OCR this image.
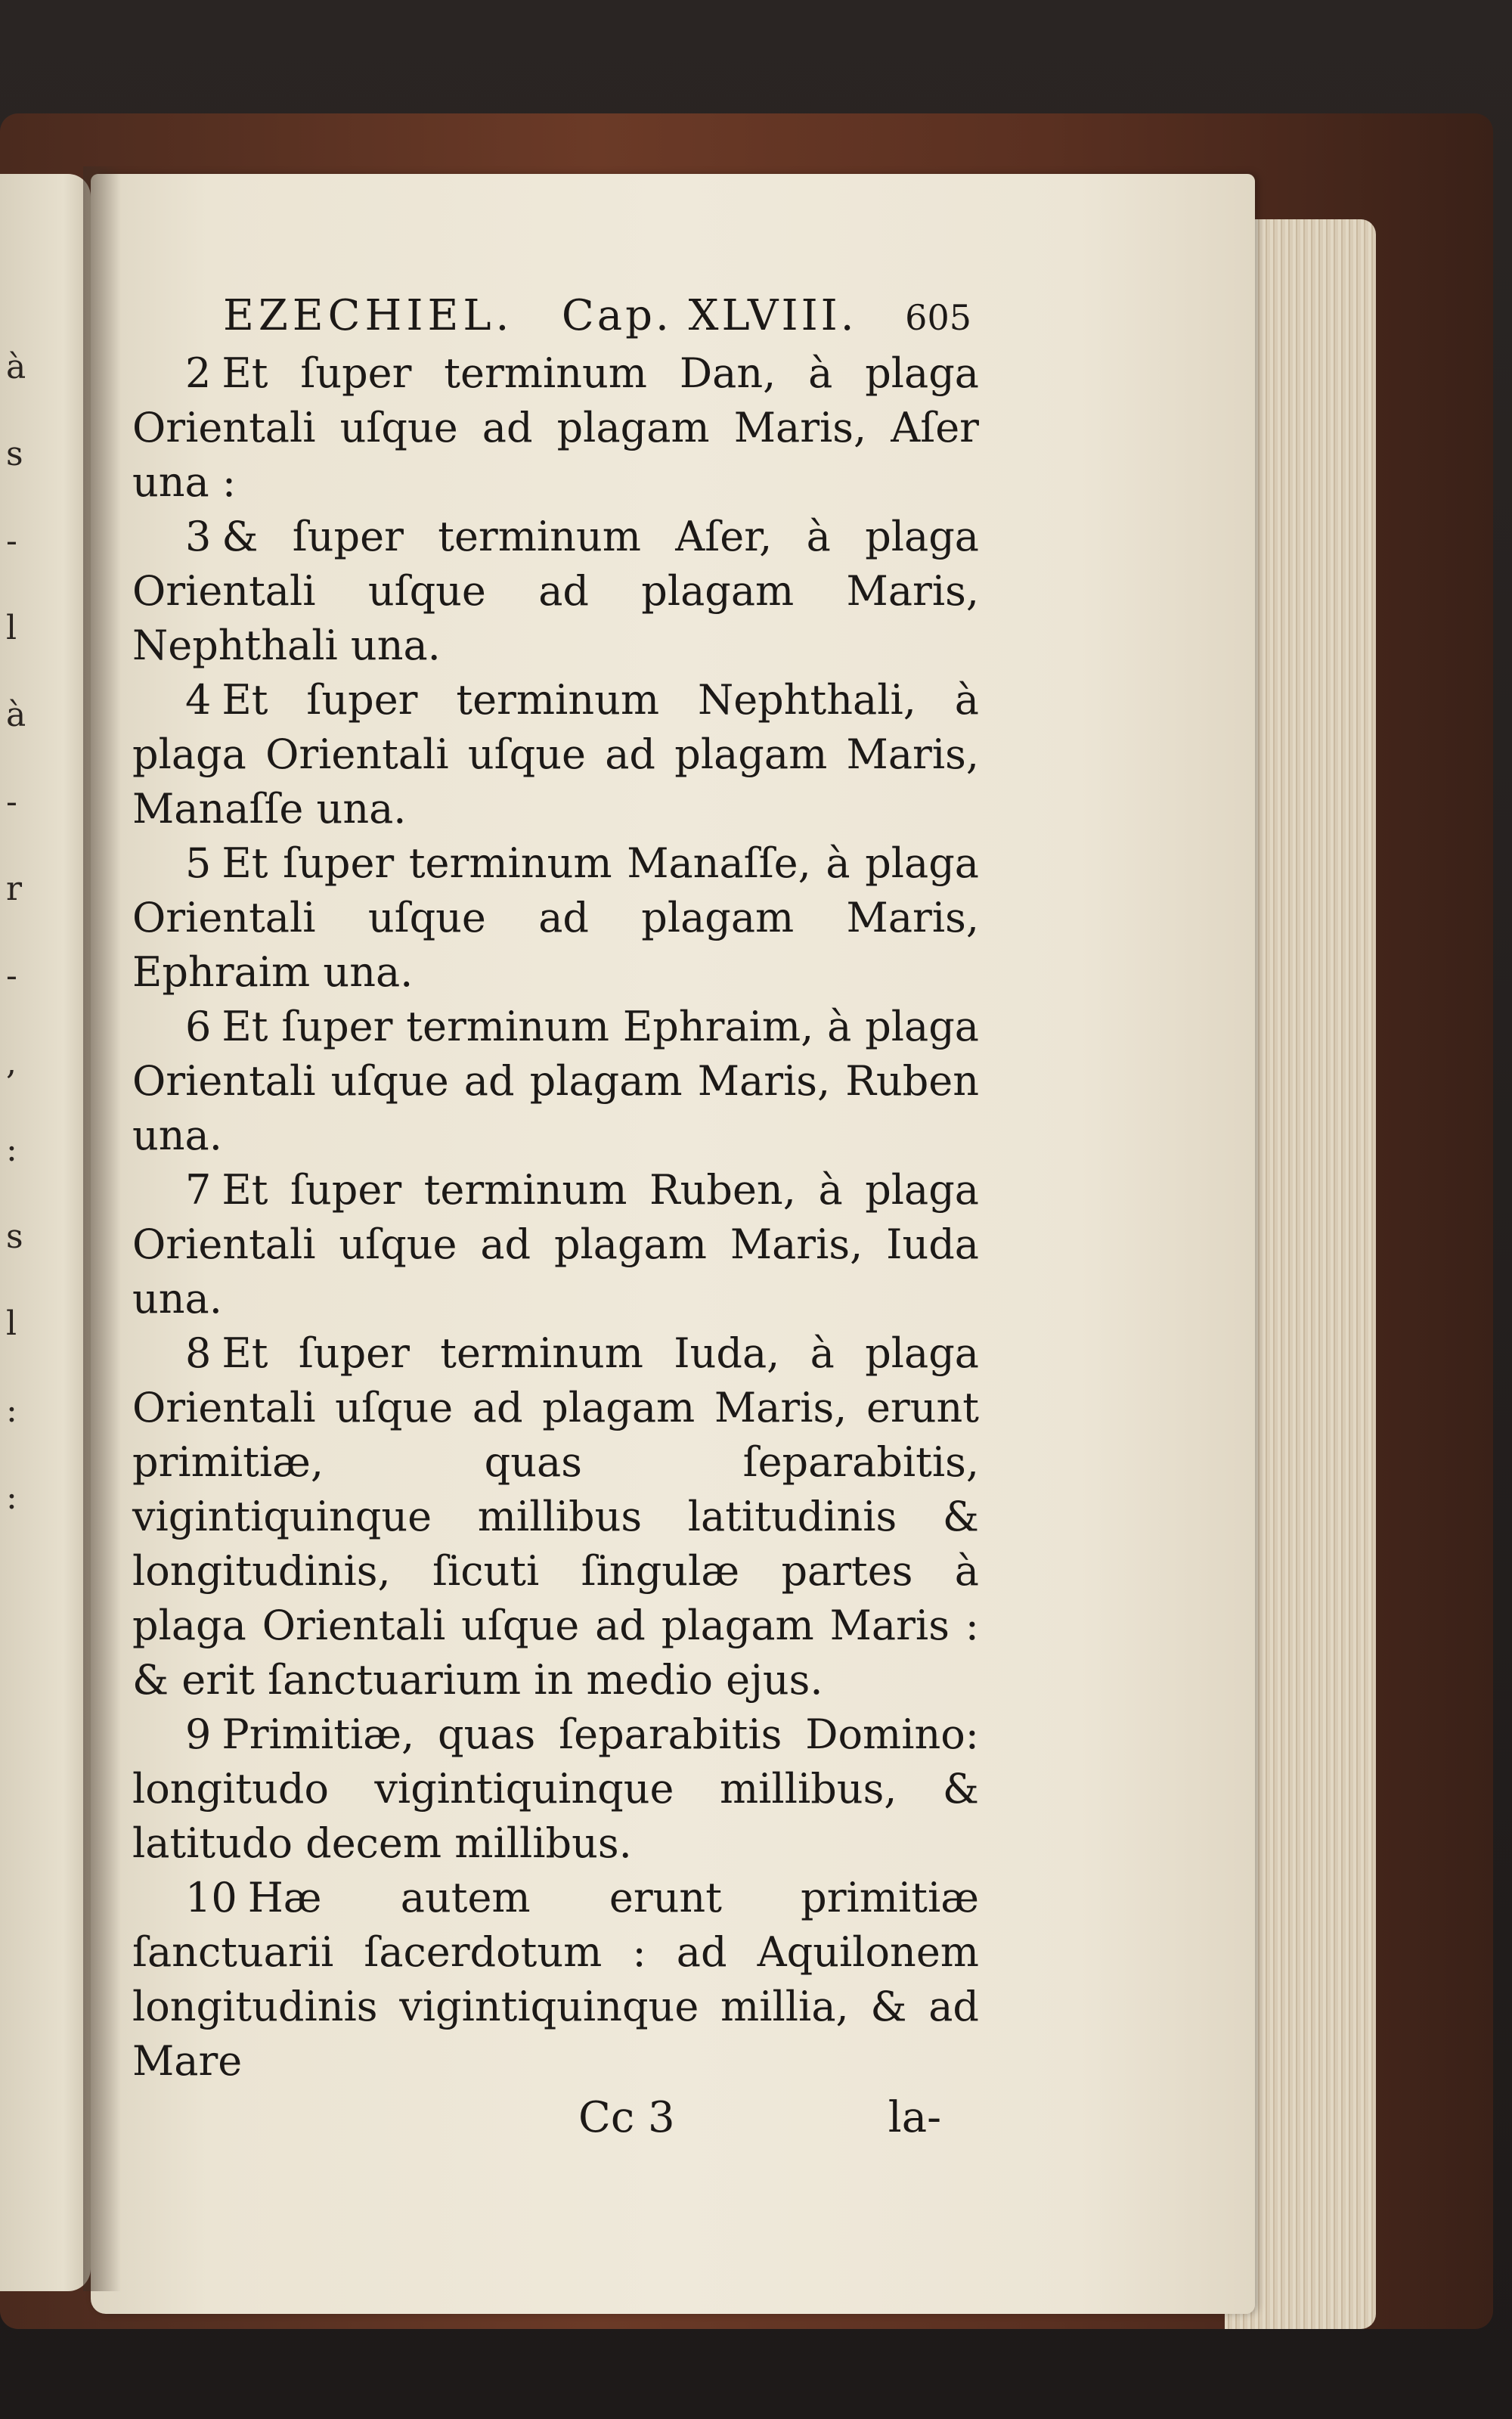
à
s
-
l
à
-
r
-
,
:
s
l
:
:
EZECHIEL. Cap. XLVIII. 605

2 Et ſuper terminum Dan, à plaga Orientali uſque ad plagam Maris, Aſer una :

3 & ſuper terminum Aſer, à plaga Orientali uſque ad plagam Maris, Nephthali una.

4 Et ſuper terminum Nephthali, à plaga Orientali uſque ad plagam Maris, Manaſſe una.

5 Et ſuper terminum Manaſſe, à plaga Orientali uſque ad plagam Maris, Ephraim una.

6 Et ſuper terminum Ephraim, à plaga Orientali uſque ad plagam Maris, Ruben una.

7 Et ſuper terminum Ruben, à plaga Orientali uſque ad plagam Maris, Iuda una.

8 Et ſuper terminum Iuda, à plaga Orientali uſque ad plagam Maris, erunt primitiæ, quas ſeparabitis, vigintiquinque millibus latitudinis & longitudinis, ſicuti ſingulæ partes à plaga Orientali uſque ad plagam Maris : & erit ſanctuarium in medio ejus.

9 Primitiæ, quas ſeparabitis Domino: longitudo vigintiquinque millibus, & latitudo decem millibus.

10 Hæ autem erunt primitiæ ſanctuarii ſacerdotum : ad Aquilonem longitudinis vigintiquinque millia, & ad Mare

Cc 3	la-
